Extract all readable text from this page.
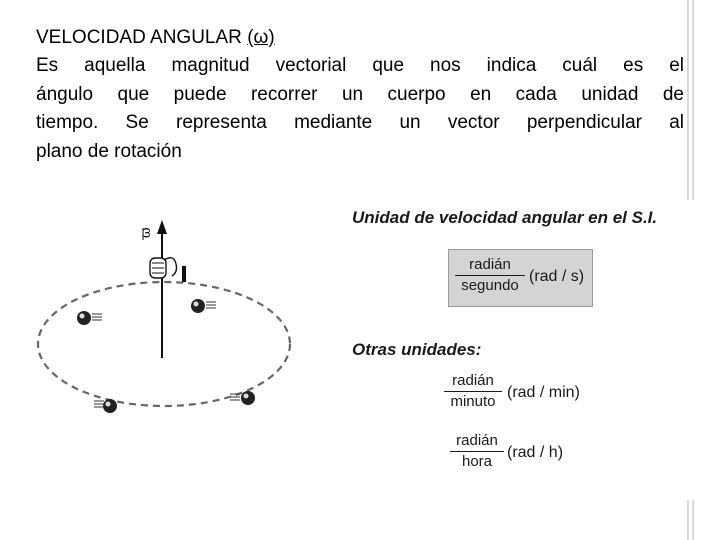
VELOCIDAD ANGULAR (ω)
Es aquella magnitud vectorial que nos indica cuál es el
ángulo que puede recorrer un cuerpo en cada unidad de
tiempo. Se representa mediante un vector perpendicular al
plano de rotación
ω
Unidad de velocidad angular en el S.I.
radián
segundo
(rad / s)
Otras unidades:
radián
minuto
(rad / min)
radián
hora
(rad / h)
